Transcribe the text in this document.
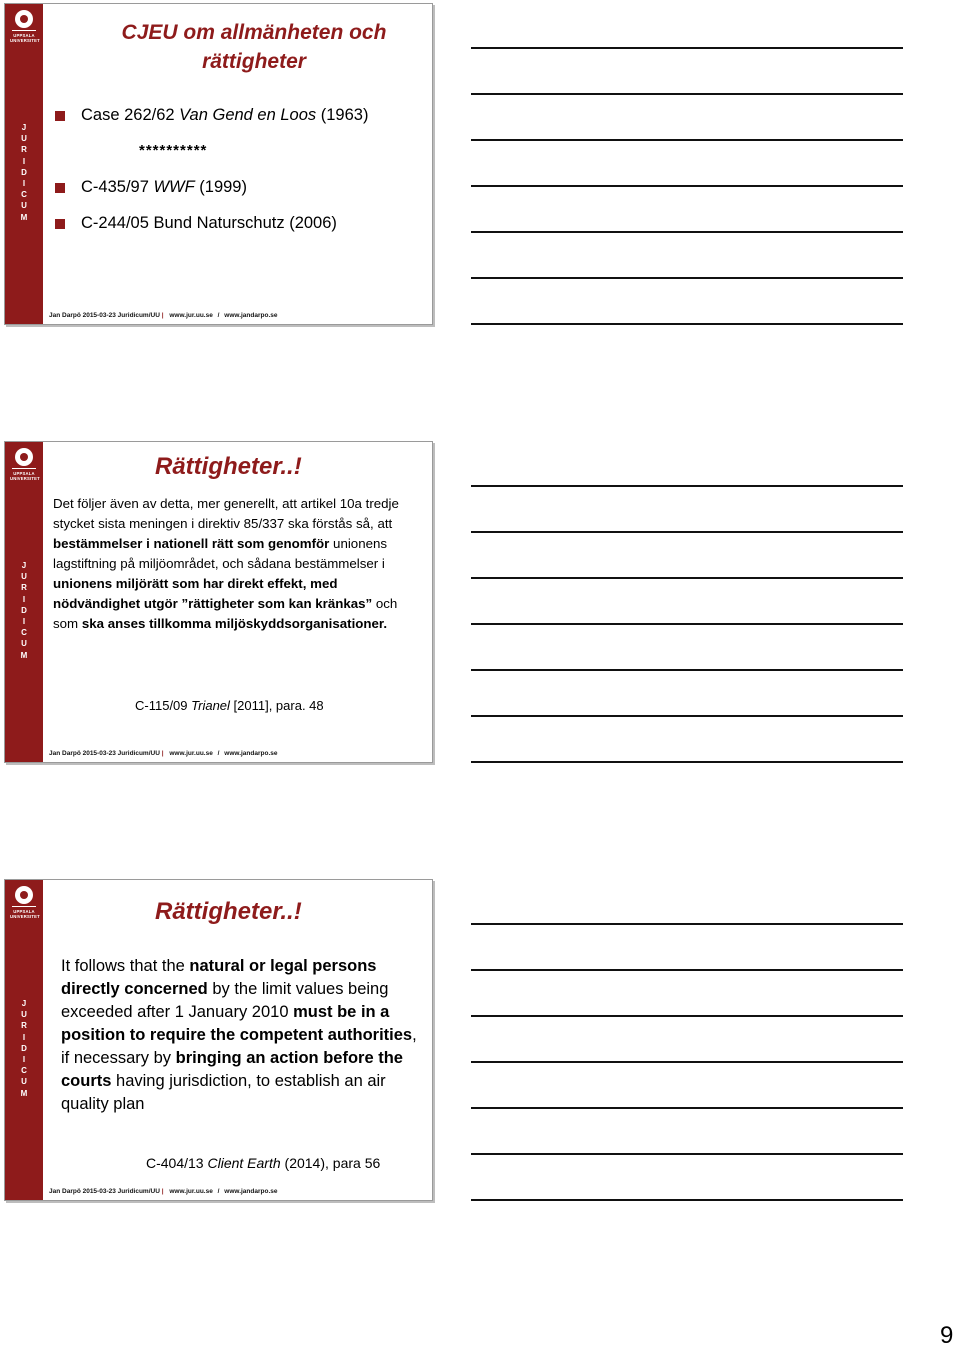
UPPSALA
UNIVERSITET
J
U
R
I
D
I
C
U
M
CJEU om allmänheten och
rättigheter
Case 262/62 Van Gend en Loos (1963)
**********
C-435/97 WWF (1999)
C-244/05 Bund Naturschutz (2006)
Jan Darpö 2015-03-23 Juridicum/UU | www.jur.uu.se / www.jandarpo.se
UPPSALA
UNIVERSITET
J
U
R
I
D
I
C
U
M
Rättigheter..!
Det följer även av detta, mer generellt, att artikel 10a tredje stycket sista meningen i direktiv 85/337 ska förstås så, att bestämmelser i nationell rätt som genomför unionens lagstiftning på miljöområdet, och sådana bestämmelser i unionens miljörätt som har direkt effekt, med nödvändighet utgör ”rättigheter som kan kränkas” och som ska anses tillkomma miljöskyddsorganisationer.
C-115/09 Trianel [2011], para. 48
Jan Darpö 2015-03-23 Juridicum/UU | www.jur.uu.se / www.jandarpo.se
UPPSALA
UNIVERSITET
J
U
R
I
D
I
C
U
M
Rättigheter..!
It follows that the natural or legal persons directly concerned by the limit values being exceeded after 1 January 2010 must be in a position to require the competent authorities, if necessary by bringing an action before the courts having jurisdiction, to establish an air quality plan
C-404/13 Client Earth (2014), para 56
Jan Darpö 2015-03-23 Juridicum/UU | www.jur.uu.se / www.jandarpo.se
9
